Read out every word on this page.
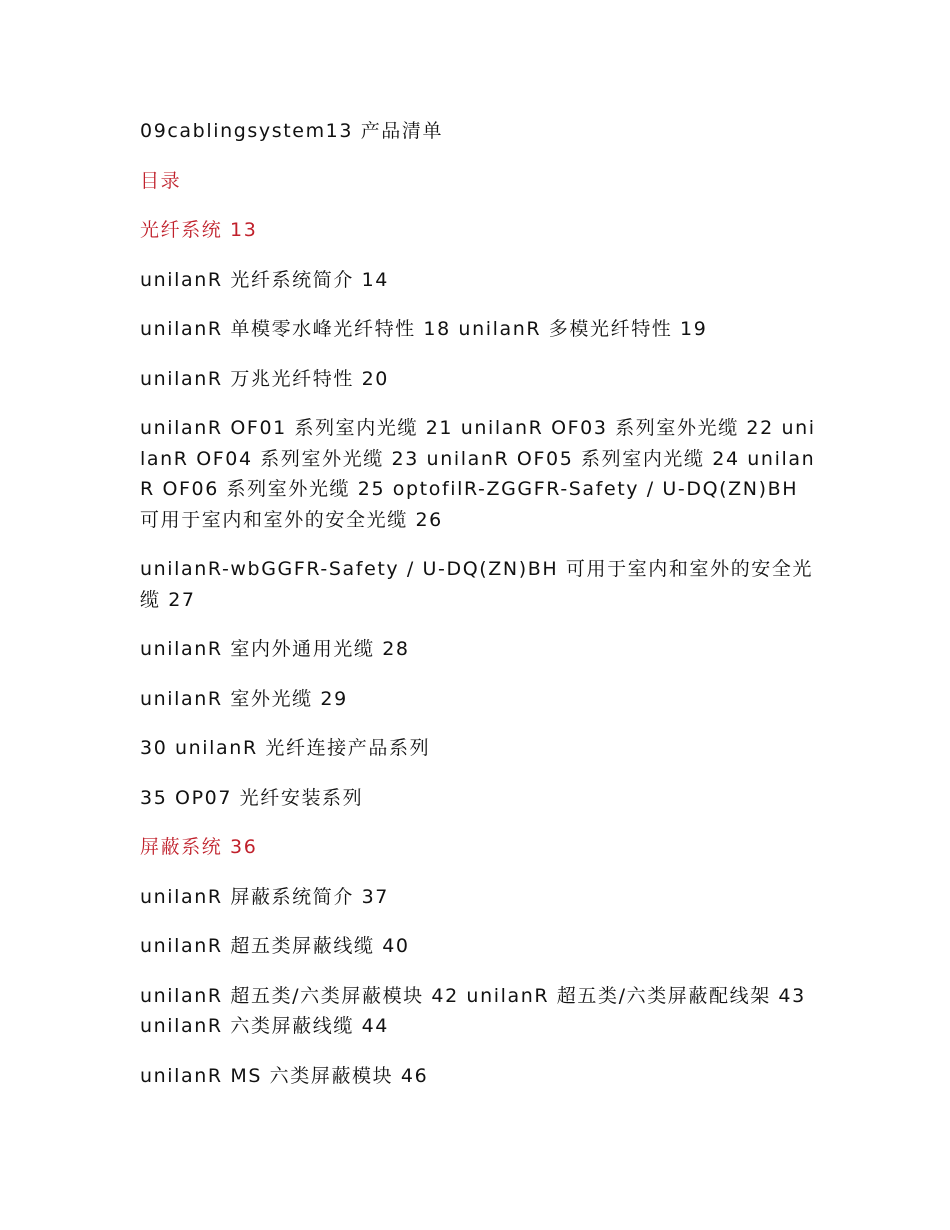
09cablingsystem13 产品清单
目录
光纤系统 13
unilanR 光纤系统简介 14
unilanR 单模零水峰光纤特性 18 unilanR 多模光纤特性 19
unilanR 万兆光纤特性 20
unilanR OF01 系列室内光缆 21 unilanR OF03 系列室外光缆 22 unilanR OF04 系列室外光缆 23 unilanR OF05 系列室内光缆 24 unilanR OF06 系列室外光缆 25 optofilR-ZGGFR-Safety / U-DQ(ZN)BH 可用于室内和室外的安全光缆 26
unilanR-wbGGFR-Safety / U-DQ(ZN)BH 可用于室内和室外的安全光缆 27
unilanR 室内外通用光缆 28
unilanR 室外光缆 29
30 unilanR 光纤连接产品系列
35 OP07 光纤安装系列
屏蔽系统 36
unilanR 屏蔽系统简介 37
unilanR 超五类屏蔽线缆 40
unilanR 超五类/六类屏蔽模块 42 unilanR 超五类/六类屏蔽配线架 43 unilanR 六类屏蔽线缆 44
unilanR MS 六类屏蔽模块 46
